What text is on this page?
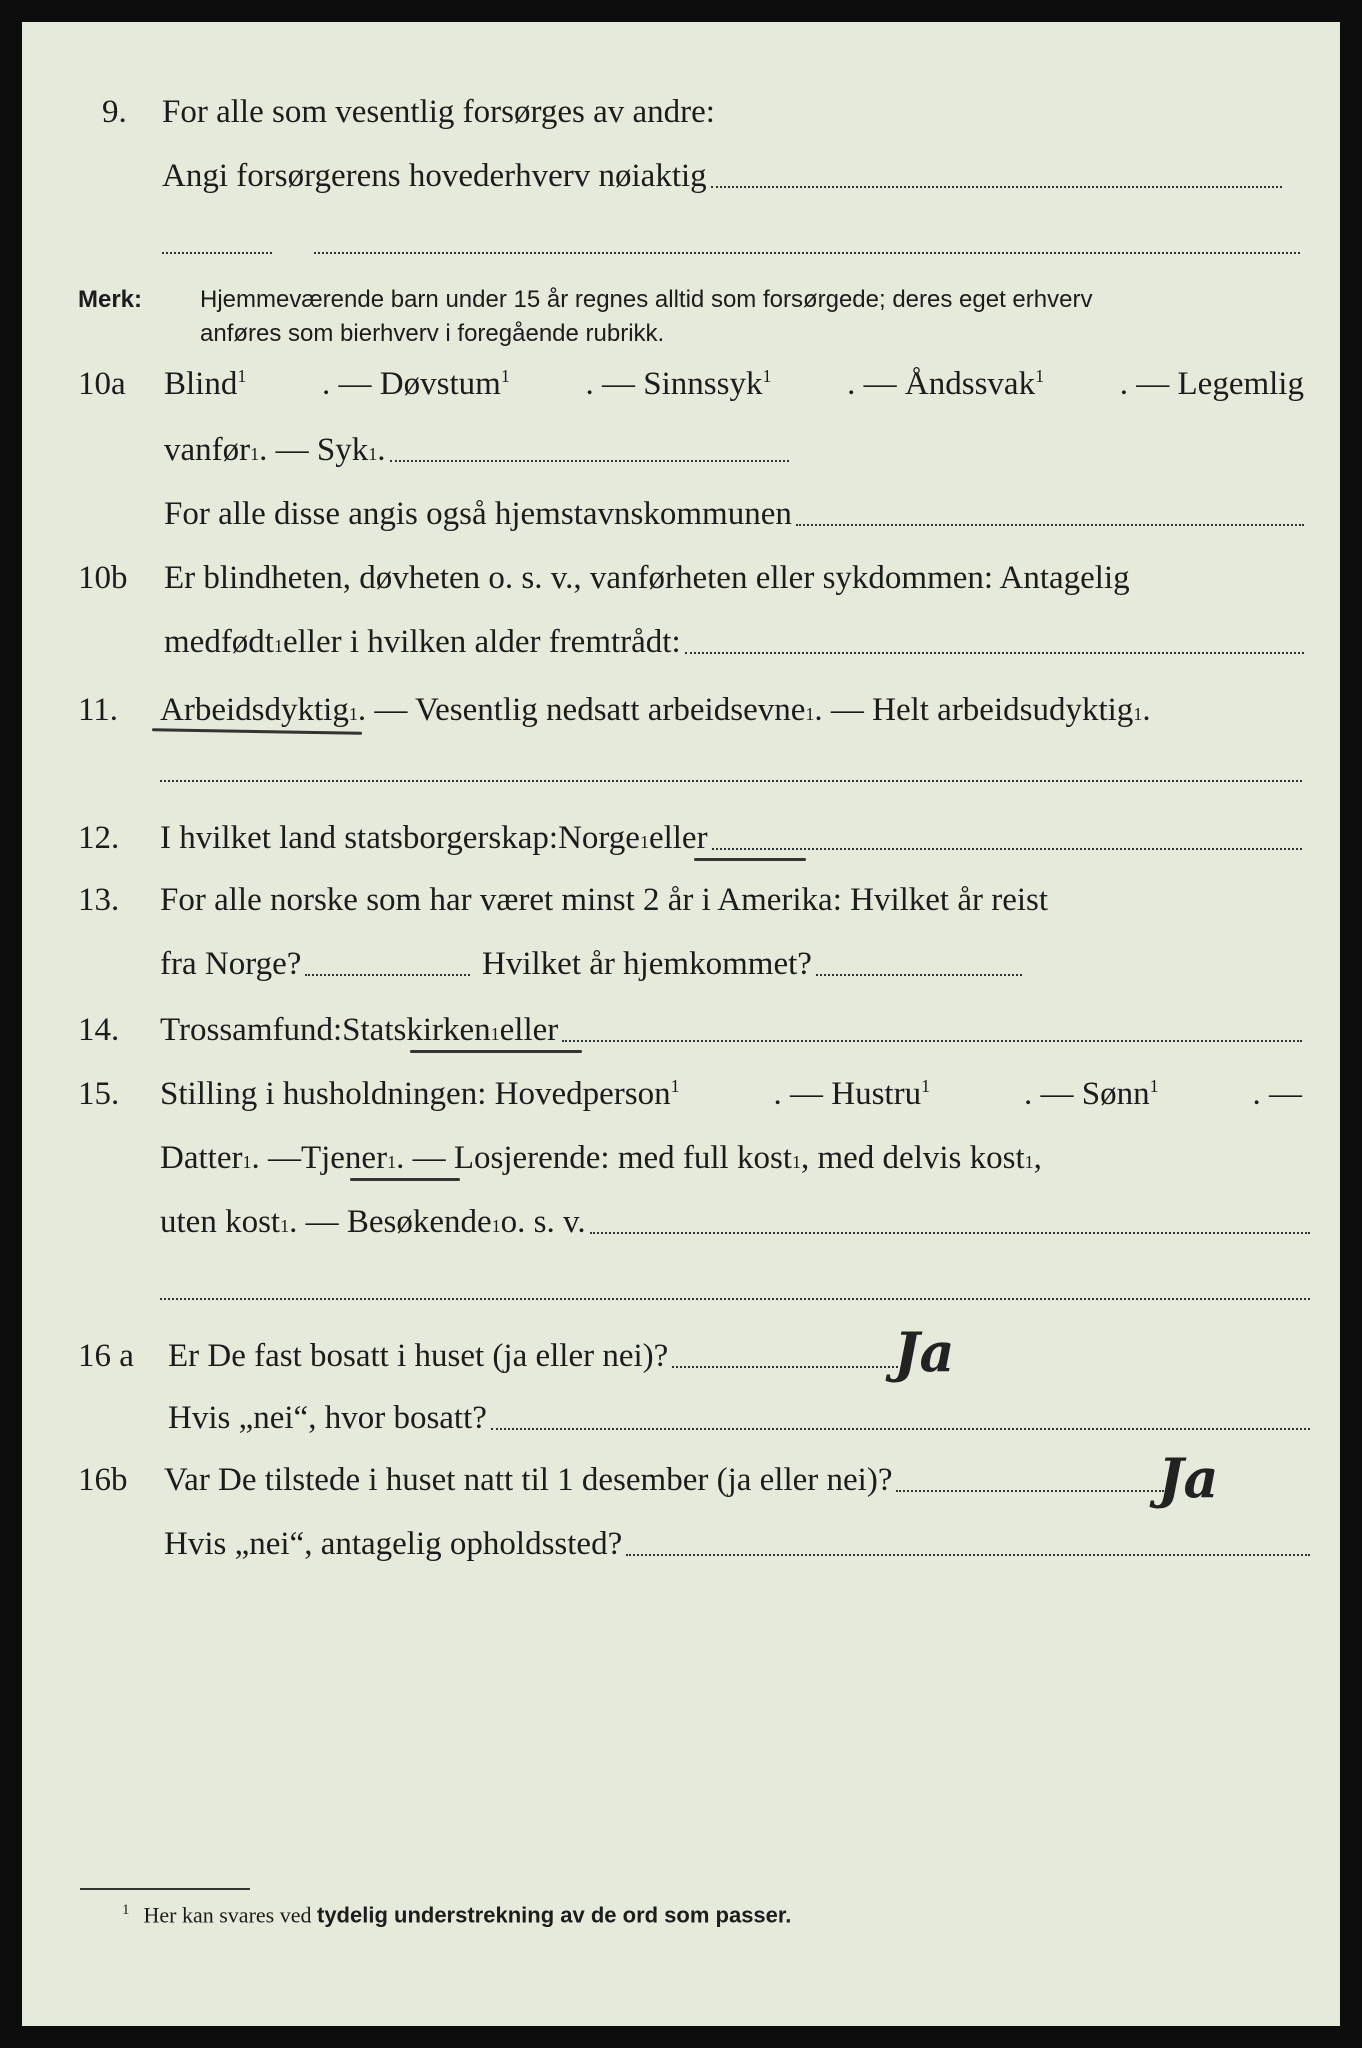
9. For alle som vesentlig forsørges av andre:
Angi forsørgerens hovederhverv nøiaktig
Merk: Hjemmeværende barn under 15 år regnes alltid som forsørgede; deres eget erhverv
anføres som bierhverv i foregående rubrikk.
10a Blind$^1$ . — Døvstum$^1$ . — Sinnssyk$^1$ . — Åndssvak$^1$ . — Legemlig
vanfør 1 . — Syk 1 .
For alle disse angis også hjemstavnskommunen
10b Er blindheten, døvheten o. s. v., vanførheten eller sykdommen: Antagelig
medfødt 1 eller i hvilken alder fremtrådt:
11. Arbeidsdyktig 1 . — Vesentlig nedsatt arbeidsevne 1 . — Helt arbeidsudyktig 1 .
12. I hvilket land statsborgerskap: Norge 1 eller
13. For alle norske som har været minst 2 år i Amerika: Hvilket år reist
fra Norge?	Hvilket år hjemkommet?
14. Trossamfund: Statskirken 1 eller
15. Stilling i husholdningen: Hovedperson$^1$	. — Hustru$^1$	. — Sønn$^1$	. —
Datter 1 . — Tjener 1 . — Losjerende: med full kost 1 , med delvis kost 1 ,
uten kost 1 . — Besøkende 1 o. s. v.
16 a Er De fast bosatt i huset (ja eller nei)?	Ja
Hvis „nei“, hvor bosatt?
16b Var De tilstede i huset natt til 1 desember (ja eller nei)?	Ja
Hvis „nei“, antagelig opholdssted?
$^1$ Her kan svares ved tydelig understrekning av de ord som passer.
